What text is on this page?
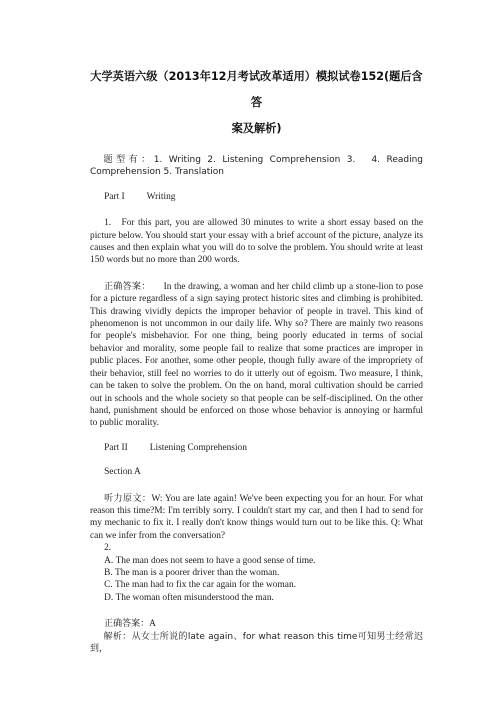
大学英语六级（2013年12月考试改革适用）模拟试卷152(题后含答
案及解析)

题型有：1. Writing 2. Listening Comprehension 3.　4. Reading Comprehension 5. Translation

Part I Writing

1. For this part, you are allowed 30 minutes to write a short essay based on the picture below. You should start your essay with a brief account of the picture, analyze its causes and then explain what you will do to solve the problem. You should write at least 150 words but no more than 200 words.

正确答案： In the drawing, a woman and her child climb up a stone-lion to pose for a picture regardless of a sign saying protect historic sites and climbing is prohibited. This drawing vividly depicts the improper behavior of people in travel. This kind of phenomenon is not uncommon in our daily life. Why so? There are mainly two reasons for people's misbehavior. For one thing, being poorly educated in terms of social behavior and morality, some people fail to realize that some practices are improper in public places. For another, some other people, though fully aware of the impropriety of their behavior, still feel no worries to do it utterly out of egoism. Two measure, I think, can be taken to solve the problem. On the on hand, moral cultivation should be carried out in schools and the whole society so that people can be self-disciplined. On the other hand, punishment should be enforced on those whose behavior is annoying or harmful to public morality.

Part II Listening Comprehension

Section A

听力原文：W: You are late again! We've been expecting you for an hour. For what reason this time?M: I'm terribly sorry. I couldn't start my car, and then I had to send for my mechanic to fix it. I really don't know things would turn out to be like this. Q: What can we infer from the conversation?

2.

A. The man does not seem to have a good sense of time.

B. The man is a poorer driver than the woman.

C. The man had to fix the car again for the woman.

D. The woman often misunderstood the man.

正确答案：A

解析：从女士所说的late again、for what reason this time可知男士经常迟到，
